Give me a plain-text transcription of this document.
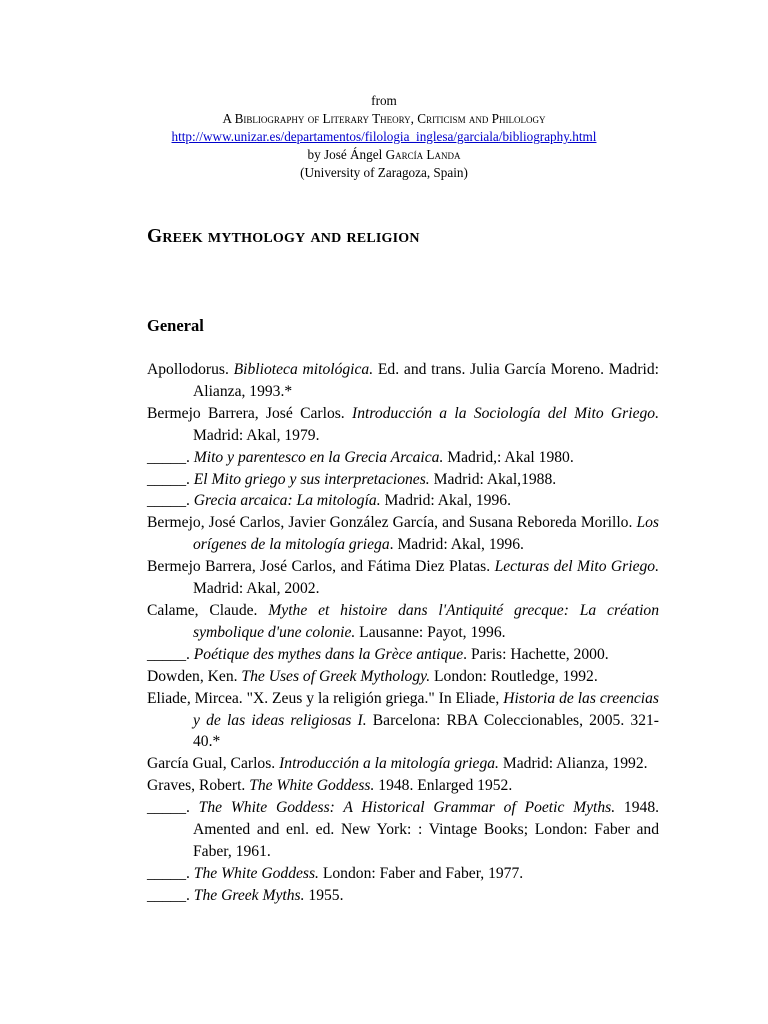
from
A Bibliography of Literary Theory, Criticism and Philology
http://www.unizar.es/departamentos/filologia_inglesa/garciala/bibliography.html
by José Ángel García Landa
(University of Zaragoza, Spain)
Greek mythology and religion
General

Apollodorus. Biblioteca mitológica. Ed. and trans. Julia García Moreno. Madrid: Alianza, 1993.*

Bermejo Barrera, José Carlos. Introducción a la Sociología del Mito Griego. Madrid: Akal, 1979.

_____. Mito y parentesco en la Grecia Arcaica. Madrid,: Akal 1980.

_____. El Mito griego y sus interpretaciones. Madrid: Akal,1988.

_____. Grecia arcaica: La mitología. Madrid: Akal, 1996.

Bermejo, José Carlos, Javier González García, and Susana Reboreda Morillo. Los orígenes de la mitología griega. Madrid: Akal, 1996.

Bermejo Barrera, José Carlos, and Fátima Diez Platas. Lecturas del Mito Griego. Madrid: Akal, 2002.

Calame, Claude. Mythe et histoire dans l'Antiquité grecque: La création symbolique d'une colonie. Lausanne: Payot, 1996.

_____. Poétique des mythes dans la Grèce antique. Paris: Hachette, 2000.

Dowden, Ken. The Uses of Greek Mythology. London: Routledge, 1992.

Eliade, Mircea. "X. Zeus y la religión griega." In Eliade, Historia de las creencias y de las ideas religiosas I. Barcelona: RBA Coleccionables, 2005. 321-40.*

García Gual, Carlos. Introducción a la mitología griega. Madrid: Alianza, 1992.

Graves, Robert. The White Goddess. 1948. Enlarged 1952.

_____. The White Goddess: A Historical Grammar of Poetic Myths. 1948. Amented and enl. ed. New York: : Vintage Books; London: Faber and Faber, 1961.

_____. The White Goddess. London: Faber and Faber, 1977.

_____. The Greek Myths. 1955.
